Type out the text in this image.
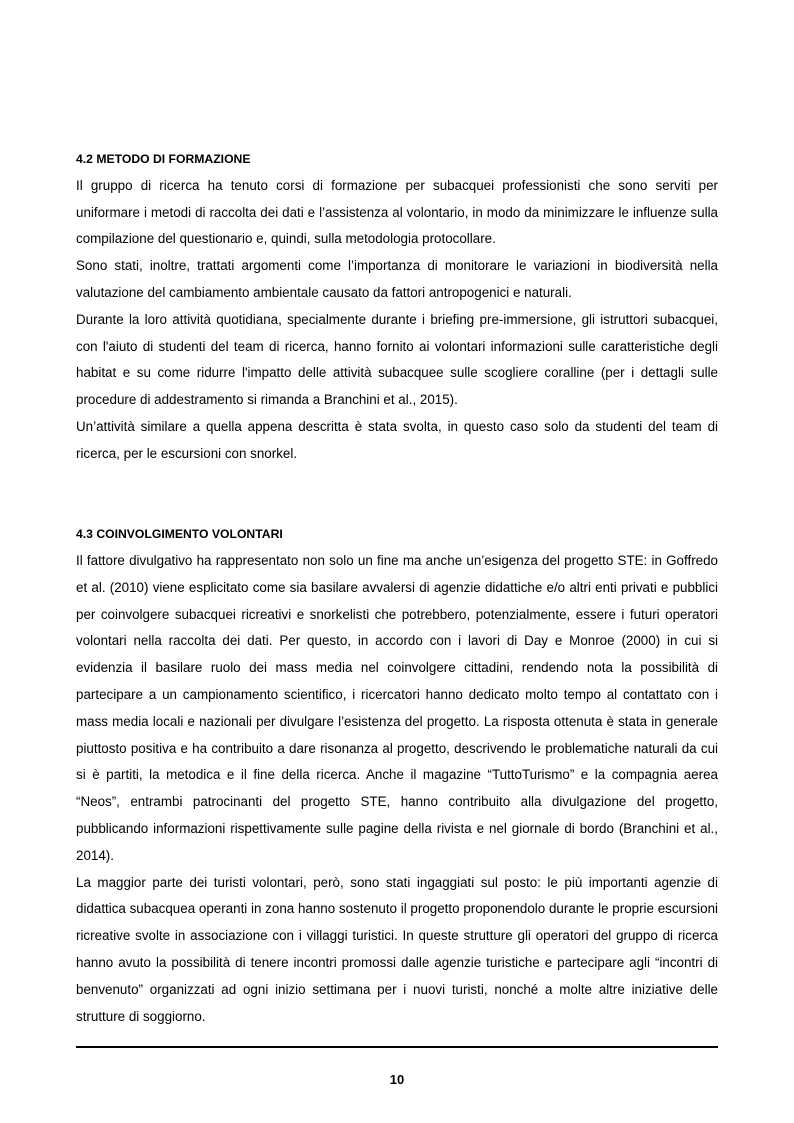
4.2 METODO DI FORMAZIONE

Il gruppo di ricerca ha tenuto corsi di formazione per subacquei professionisti che sono serviti per uniformare i metodi di raccolta dei dati e l’assistenza al volontario, in modo da minimizzare le influenze sulla compilazione del questionario e, quindi, sulla metodologia protocollare.

Sono stati, inoltre, trattati argomenti come l’importanza di monitorare le variazioni in biodiversità nella valutazione del cambiamento ambientale causato da fattori antropogenici e naturali.

Durante la loro attività quotidiana, specialmente durante i briefing pre-immersione, gli istruttori subacquei, con l'aiuto di studenti del team di ricerca, hanno fornito ai volontari informazioni sulle caratteristiche degli habitat e su come ridurre l'impatto delle attività subacquee sulle scogliere coralline (per i dettagli sulle procedure di addestramento si rimanda a Branchini et al., 2015).

Un’attività similare a quella appena descritta è stata svolta, in questo caso solo da studenti del team di ricerca, per le escursioni con snorkel.

4.3 COINVOLGIMENTO VOLONTARI

Il fattore divulgativo ha rappresentato non solo un fine ma anche un’esigenza del progetto STE: in Goffredo et al. (2010) viene esplicitato come sia basilare avvalersi di agenzie didattiche e/o altri enti privati e pubblici per coinvolgere subacquei ricreativi e snorkelisti che potrebbero, potenzialmente, essere i futuri operatori volontari nella raccolta dei dati. Per questo, in accordo con i lavori di Day e Monroe (2000) in cui si evidenzia il basilare ruolo dei mass media nel coinvolgere cittadini, rendendo nota la possibilità di partecipare a un campionamento scientifico, i ricercatori hanno dedicato molto tempo al contattato con i mass media locali e nazionali per divulgare l’esistenza del progetto. La risposta ottenuta è stata in generale piuttosto positiva e ha contribuito a dare risonanza al progetto, descrivendo le problematiche naturali da cui si è partiti, la metodica e il fine della ricerca. Anche il magazine “TuttoTurismo” e la compagnia aerea “Neos”, entrambi patrocinanti del progetto STE, hanno contribuito alla divulgazione del progetto, pubblicando informazioni rispettivamente sulle pagine della rivista e nel giornale di bordo (Branchini et al., 2014).

La maggior parte dei turisti volontari, però, sono stati ingaggiati sul posto: le più importanti agenzie di didattica subacquea operanti in zona hanno sostenuto il progetto proponendolo durante le proprie escursioni ricreative svolte in associazione con i villaggi turistici. In queste strutture gli operatori del gruppo di ricerca hanno avuto la possibilità di tenere incontri promossi dalle agenzie turistiche e partecipare agli “incontri di benvenuto” organizzati ad ogni inizio settimana per i nuovi turisti, nonché a molte altre iniziative delle strutture di soggiorno.

10
